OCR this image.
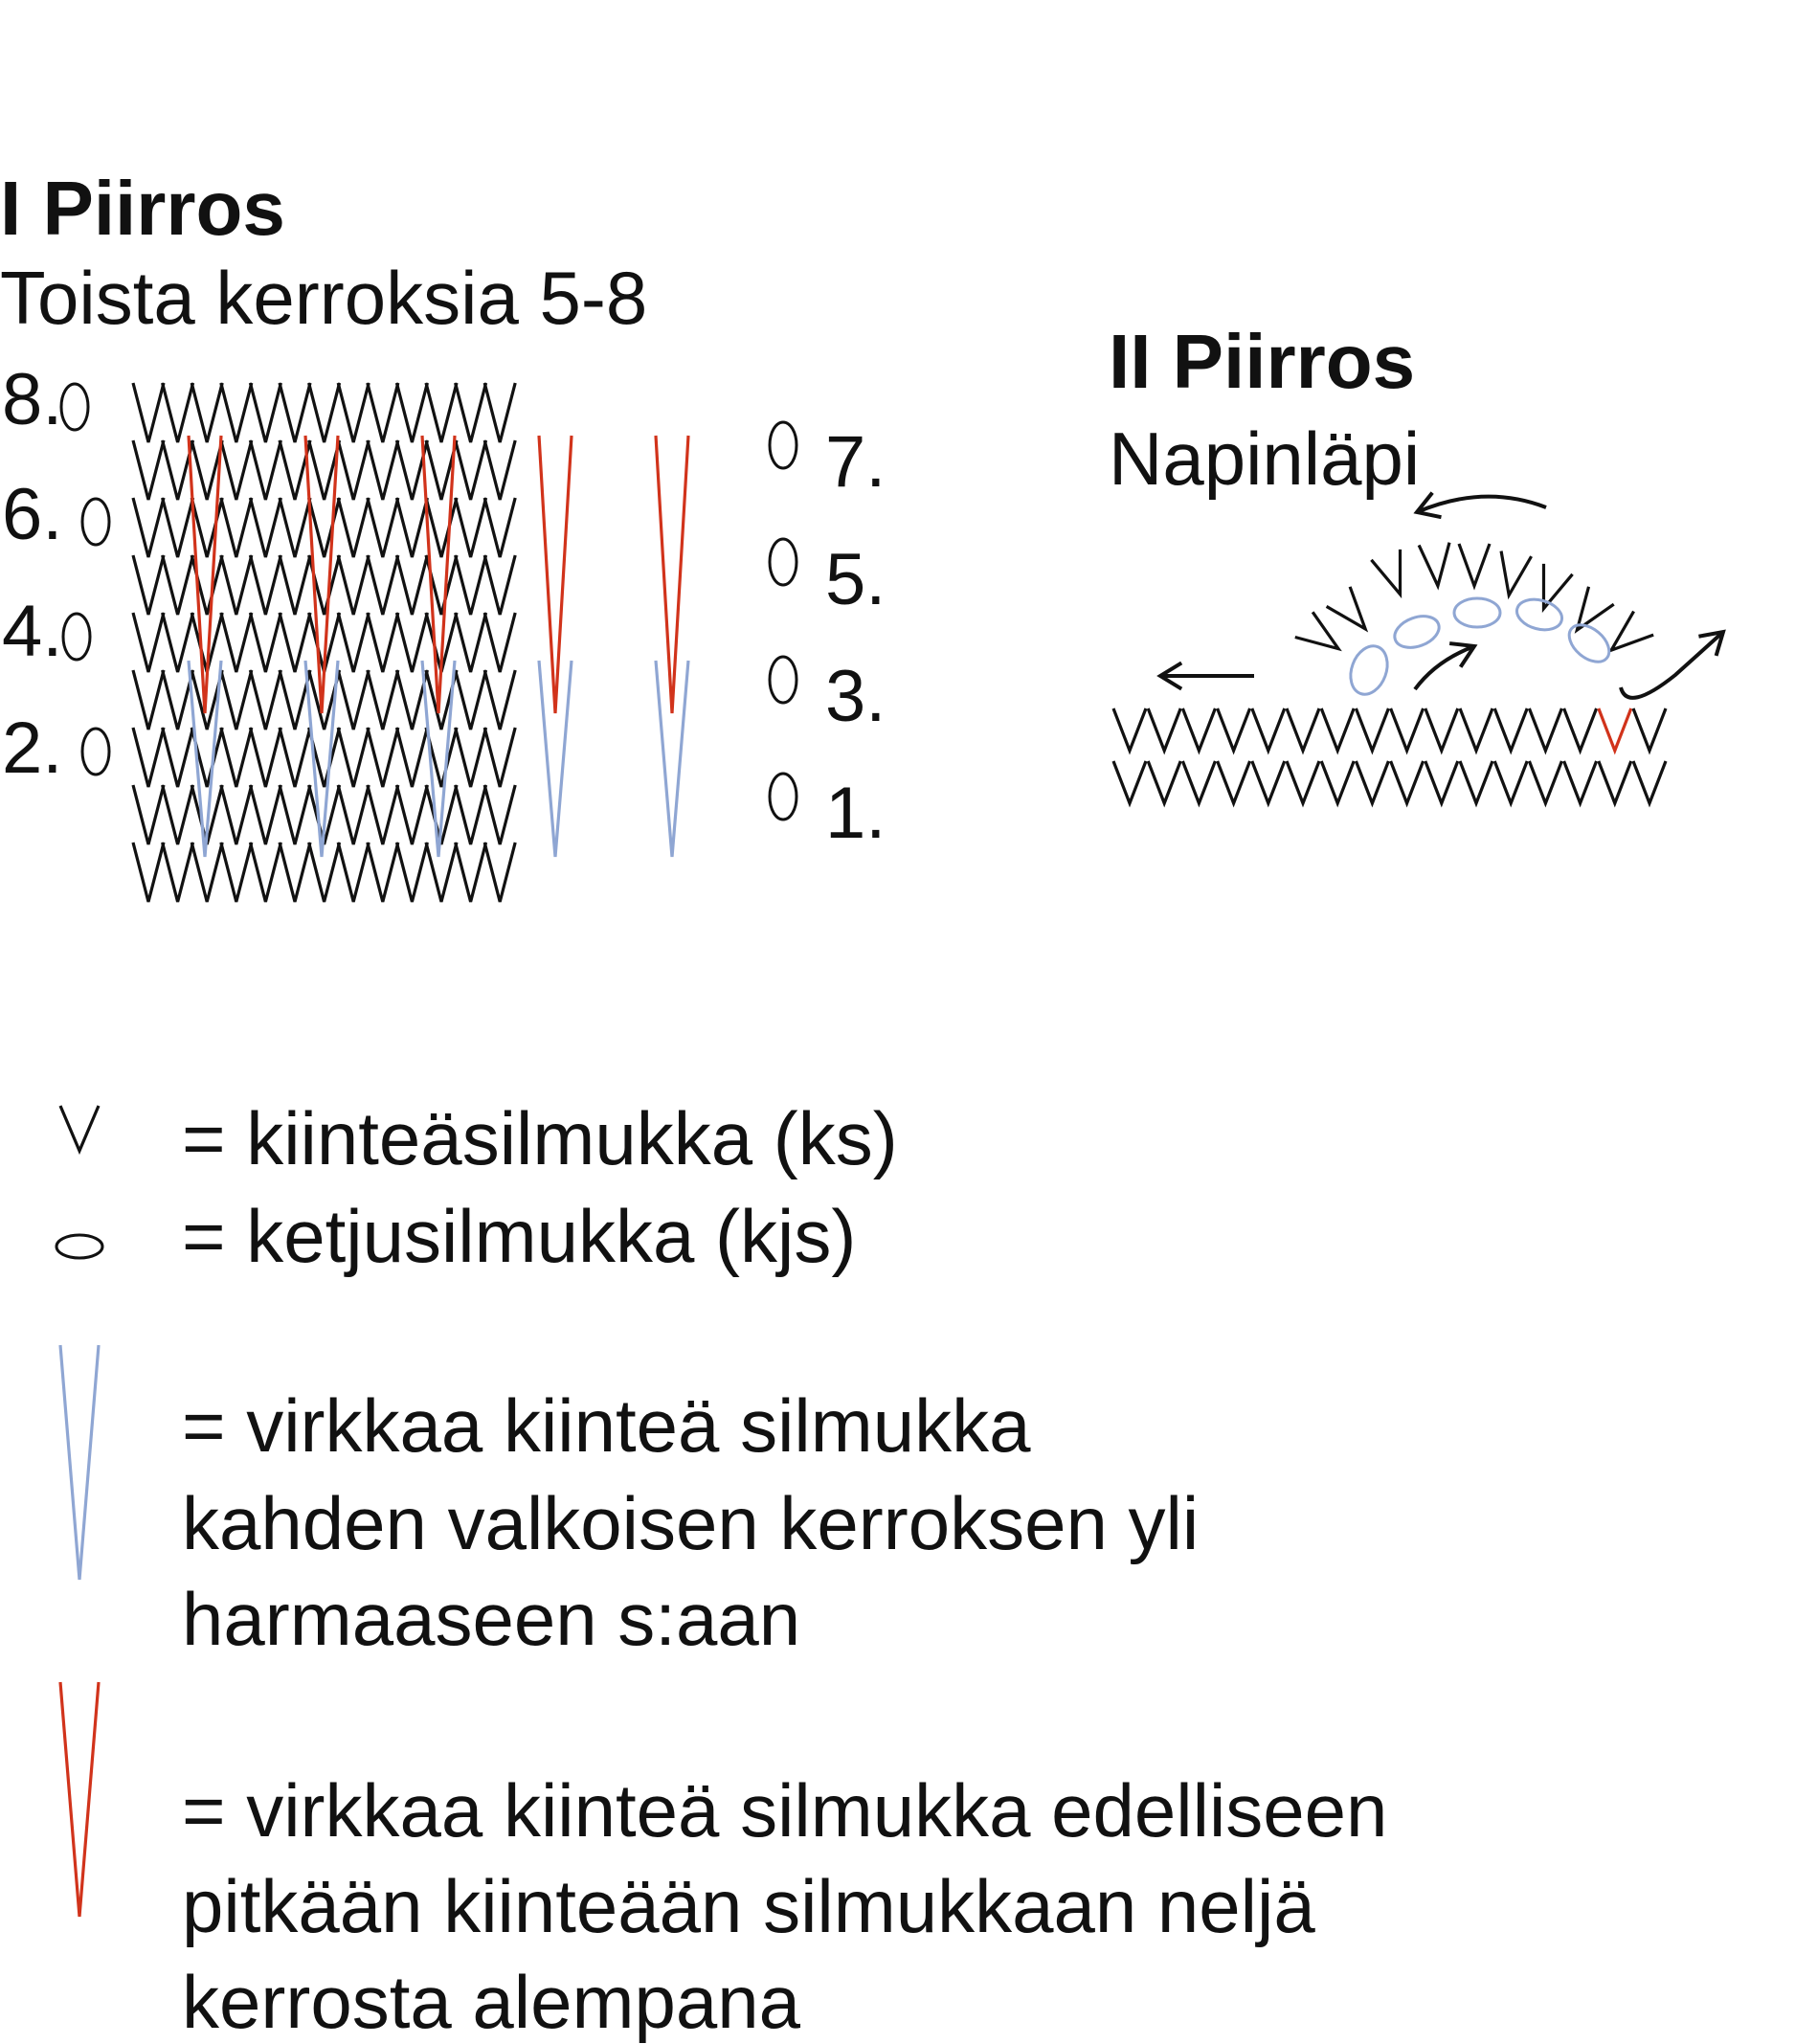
I Piirros
Toista kerroksia 5-8
8.
6.
4.
2.
7.
5.
3.
1.
II Piirros
Napinläpi
= kiinteäsilmukka (ks)
= ketjusilmukka (kjs)
= virkkaa kiinteä silmukka
kahden valkoisen kerroksen yli
harmaaseen s:aan
= virkkaa kiinteä silmukka edelliseen
pitkään kiinteään silmukkaan neljä
kerrosta alempana
